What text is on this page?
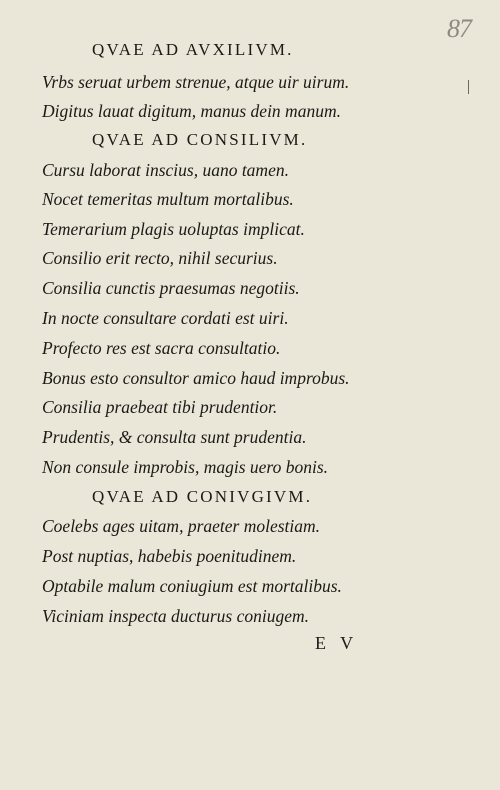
87
QVAE AD AVXILIVM.
Vrbs seruat urbem strenue, atque uir uirum.
Digitus lauat digitum, manus dein manum.
QVAE AD CONSILIVM.
Cursu laborat inscius, uano tamen.
Nocet temeritas multum mortalibus.
Temerarium plagis uoluptas implicat.
Consilio erit recto, nihil securius.
Consilia cunctis praesumas negotiis.
In nocte consultare cordati est uiri.
Profecto res est sacra consultatio.
Bonus esto consultor amico haud improbus.
Consilia praebeat tibi prudentior.
Prudentis, & consulta sunt prudentia.
Non consule improbis, magis uero bonis.
QVAE AD CONIVGIVM.
Coelebs ages uitam, praeter molestiam.
Post nuptias, habebis poenitudinem.
Optabile malum coniugium est mortalibus.
Viciniam inspecta ducturus coniugem.
E V
